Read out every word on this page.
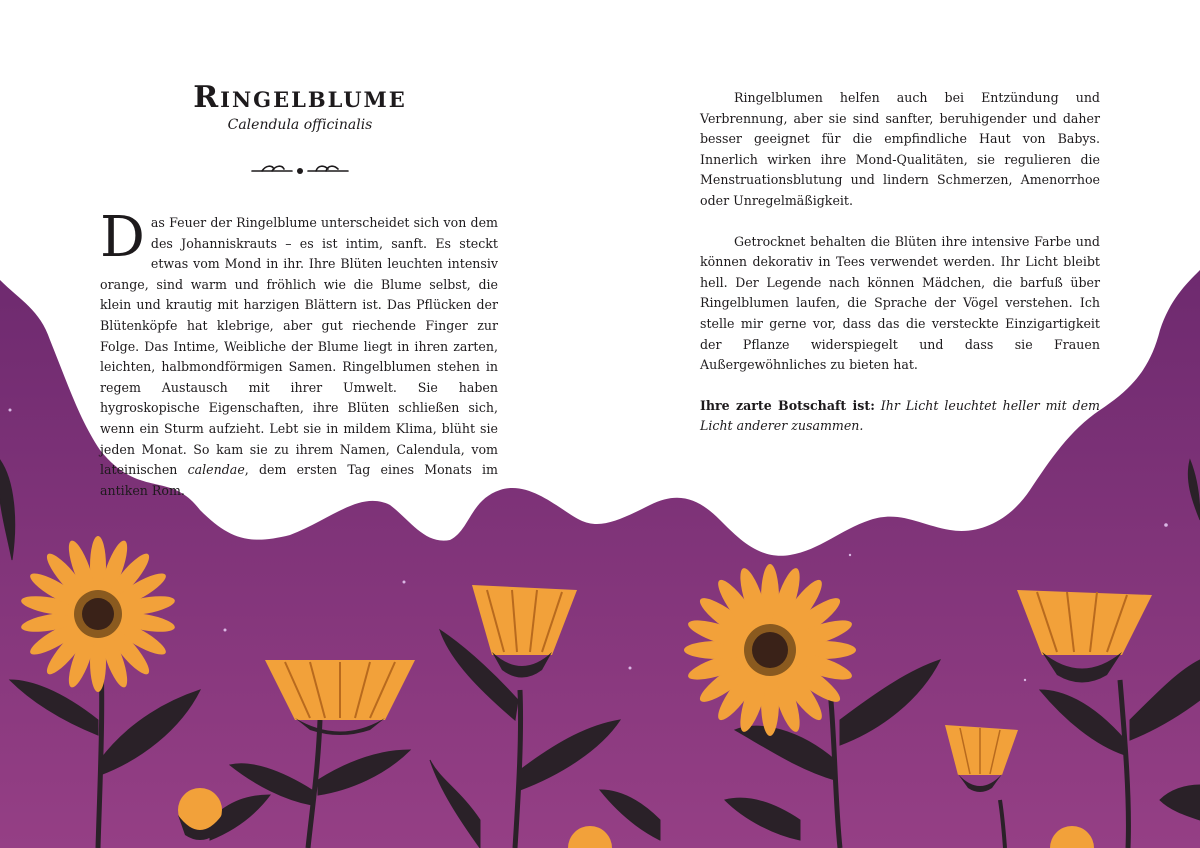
Ringelblume
Calendula officinalis

Das Feuer der Ringelblume unterscheidet sich von dem des Johanniskrauts – es ist intim, sanft. Es steckt etwas vom Mond in ihr. Ihre Blüten leuchten intensiv orange, sind warm und fröhlich wie die Blume selbst, die klein und krautig mit harzigen Blättern ist. Das Pflücken der Blütenköpfe hat klebrige, aber gut riechende Finger zur Folge. Das Intime, Weibliche der Blume liegt in ihren zarten, leichten, halbmondförmigen Samen. Ringelblumen stehen in regem Austausch mit ihrer Umwelt. Sie haben hygroskopische Eigenschaften, ihre Blüten schließen sich, wenn ein Sturm aufzieht. Lebt sie in mildem Klima, blüht sie jeden Monat. So kam sie zu ihrem Namen, Calendula, vom lateinischen calendae, dem ersten Tag eines Monats im antiken Rom.

Ringelblumen helfen auch bei Entzündung und Verbrennung, aber sie sind sanfter, beruhigender und daher besser geeignet für die empfindliche Haut von Babys. Innerlich wirken ihre Mond-Qualitäten, sie regulieren die Menstruationsblutung und lindern Schmerzen, Amenorrhoe oder Unregelmäßigkeit.

Getrocknet behalten die Blüten ihre intensive Farbe und können dekorativ in Tees verwendet werden. Ihr Licht bleibt hell. Der Legende nach können Mädchen, die barfuß über Ringelblumen laufen, die Sprache der Vögel verstehen. Ich stelle mir gerne vor, dass das die versteckte Einzigartigkeit der Pflanze widerspiegelt und dass sie Frauen Außergewöhnliches zu bieten hat.

Ihre zarte Botschaft ist: Ihr Licht leuchtet heller mit dem Licht anderer zusammen.
